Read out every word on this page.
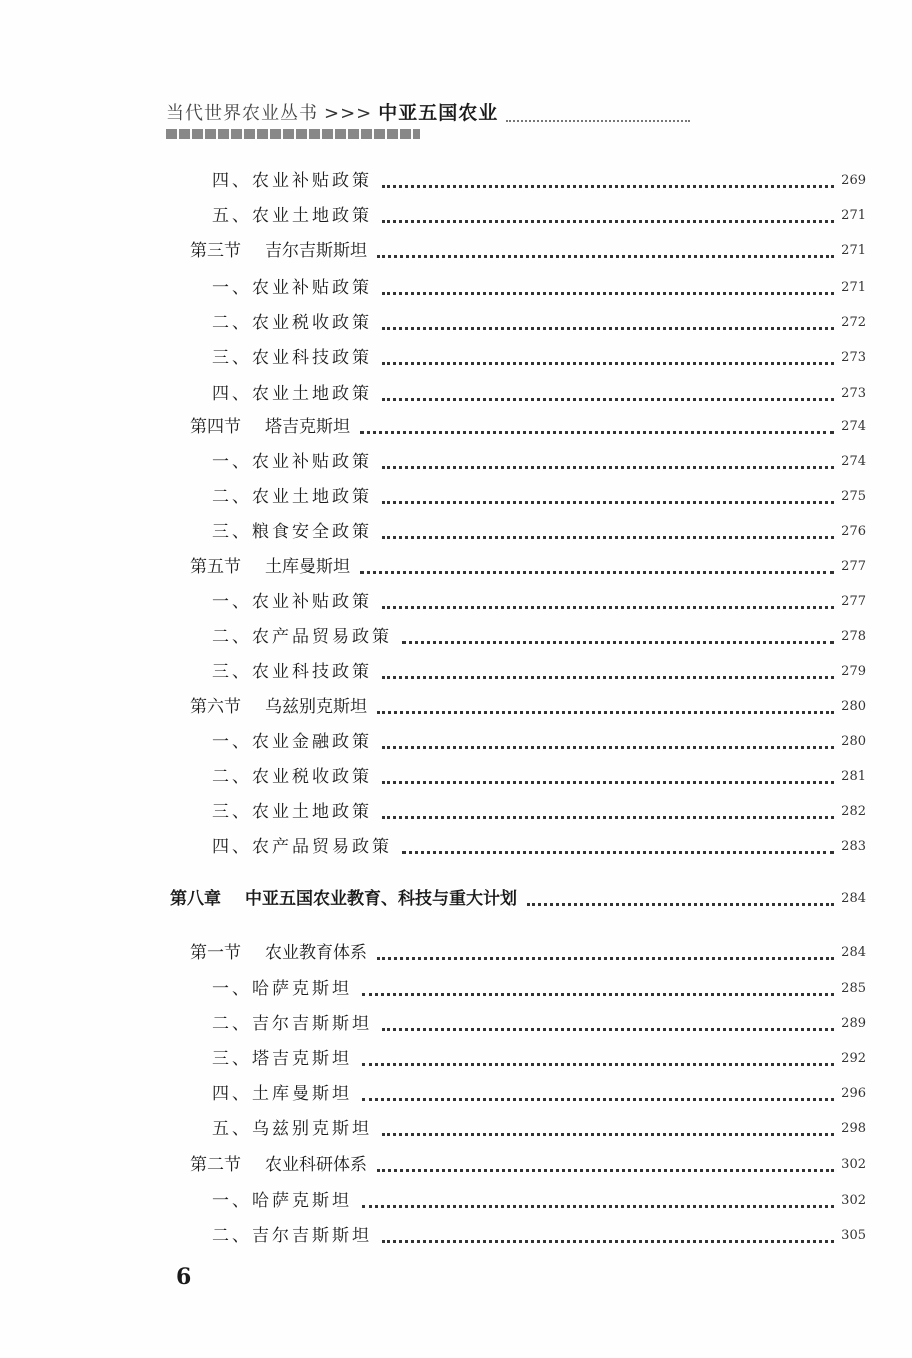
当代世界农业丛书 >>> 中亚五国农业
四、农业补贴政策	269
五、农业土地政策	271
第三节 吉尔吉斯斯坦	271
一、农业补贴政策	271
二、农业税收政策	272
三、农业科技政策	273
四、农业土地政策	273
第四节 塔吉克斯坦	274
一、农业补贴政策	274
二、农业土地政策	275
三、粮食安全政策	276
第五节 土库曼斯坦	277
一、农业补贴政策	277
二、农产品贸易政策	278
三、农业科技政策	279
第六节 乌兹别克斯坦	280
一、农业金融政策	280
二、农业税收政策	281
三、农业土地政策	282
四、农产品贸易政策	283
第八章 中亚五国农业教育、科技与重大计划	284
第一节 农业教育体系	284
一、哈萨克斯坦	285
二、吉尔吉斯斯坦	289
三、塔吉克斯坦	292
四、土库曼斯坦	296
五、乌兹别克斯坦	298
第二节 农业科研体系	302
一、哈萨克斯坦	302
二、吉尔吉斯斯坦	305
6
